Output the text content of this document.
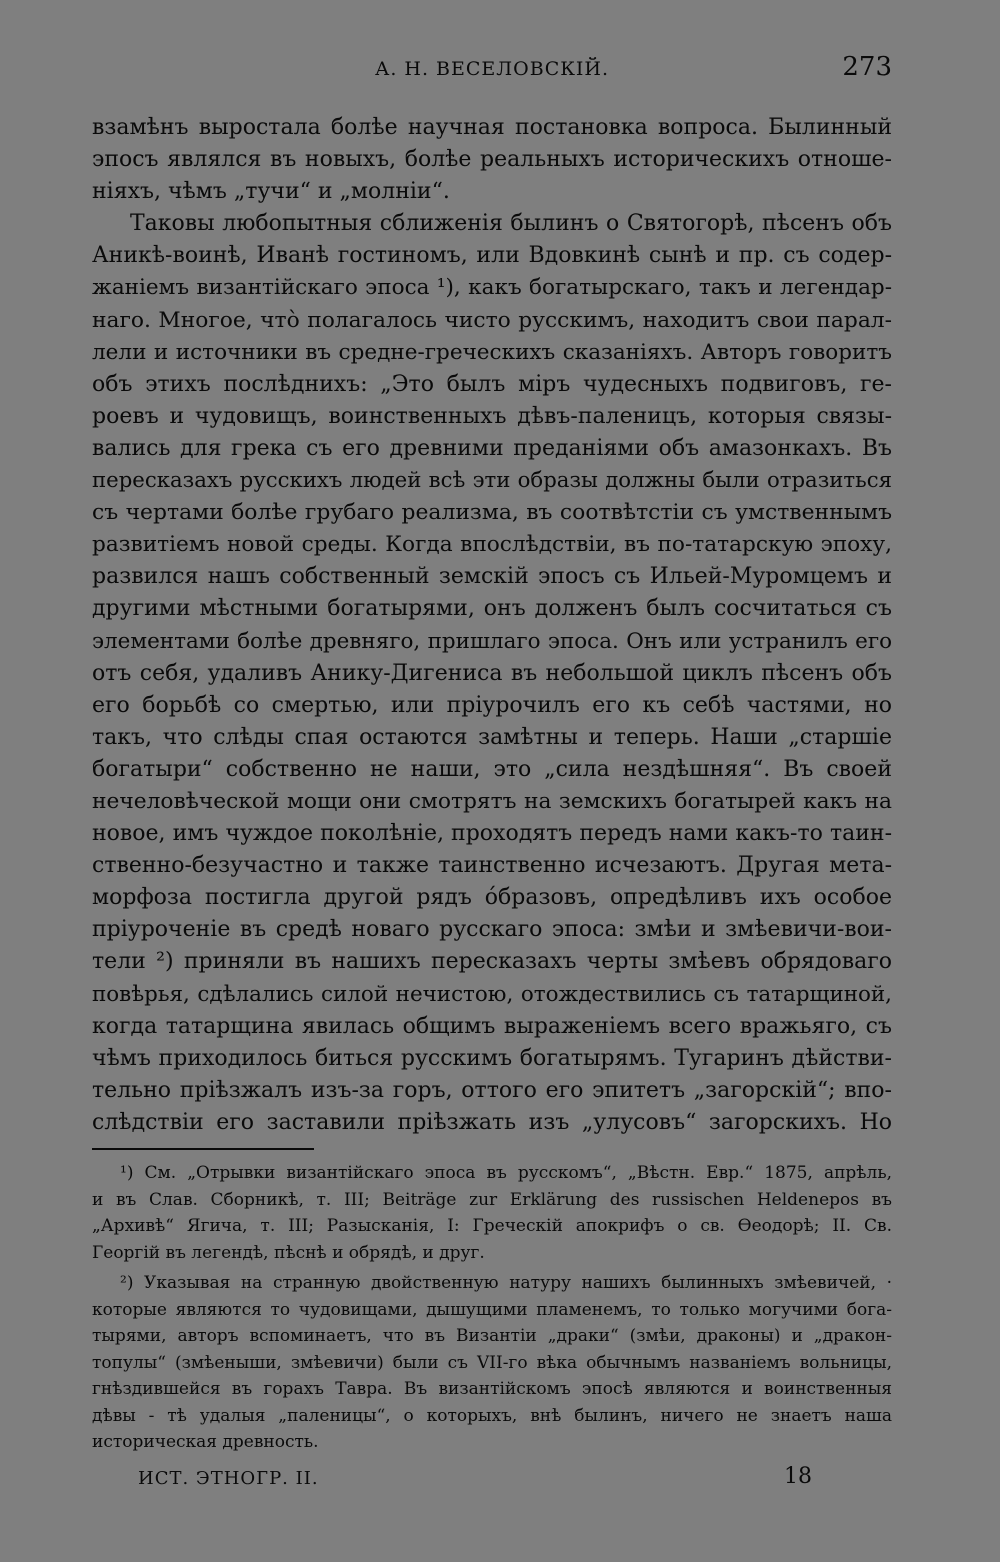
А. Н. ВЕСЕЛОВСКІЙ.	273

взамѣнъ выростала болѣе научная постановка вопроса. Былинный
эпосъ являлся въ новыхъ, болѣе реальныхъ историческихъ отноше-
ніяхъ, чѣмъ „тучи“ и „молніи“.

Таковы любопытныя сближенія былинъ о Святогорѣ, пѣсенъ объ
Аникѣ-воинѣ, Иванѣ гостиномъ, или Вдовкинѣ сынѣ и пр. съ содер-
жаніемъ византійскаго эпоса ¹), какъ богатырскаго, такъ и легендар-
наго. Многое, что̀ полагалось чисто русскимъ, находитъ свои парал-
лели и источники въ средне-греческихъ сказаніяхъ. Авторъ говоритъ
объ этихъ послѣднихъ: „Это былъ міръ чудесныхъ подвиговъ, ге-
роевъ и чудовищъ, воинственныхъ дѣвъ-паленицъ, которыя связы-
вались для грека съ его древними преданіями объ амазонкахъ. Въ
пересказахъ русскихъ людей всѣ эти образы должны были отразиться
съ чертами болѣе грубаго реализма, въ соотвѣтстіи съ умственнымъ
развитіемъ новой среды. Когда впослѣдствіи, въ по-татарскую эпоху,
развился нашъ собственный земскій эпосъ съ Ильей-Муромцемъ и
другими мѣстными богатырями, онъ долженъ былъ сосчитаться съ
элементами болѣе древняго, пришлаго эпоса. Онъ или устранилъ его
отъ себя, удаливъ Анику-Дигениса въ небольшой циклъ пѣсенъ объ
его борьбѣ со смертью, или пріурочилъ его къ себѣ частями, но
такъ, что слѣды спая остаются замѣтны и теперь. Наши „старшіе
богатыри“ собственно не наши, это „сила нездѣшняя“. Въ своей
нечеловѣческой мощи они смотрятъ на земскихъ богатырей какъ на
новое, имъ чуждое поколѣніе, проходятъ передъ нами какъ-то таин-
ственно-безучастно и также таинственно исчезаютъ. Другая мета-
морфоза постигла другой рядъ о́бразовъ, опредѣливъ ихъ особое
пріуроченіе въ средѣ новаго русскаго эпоса: змѣи и змѣевичи-вои-
тели ²) приняли въ нашихъ пересказахъ черты змѣевъ обрядоваго
повѣрья, сдѣлались силой нечистою, отождествились съ татарщиной,
когда татарщина явилась общимъ выраженіемъ всего вражьяго, съ
чѣмъ приходилось биться русскимъ богатырямъ. Тугаринъ дѣйстви-
тельно пріѣзжалъ изъ-за горъ, оттого его эпитетъ „загорскій“; впо-
слѣдствіи его заставили пріѣзжать изъ „улусовъ“ загорскихъ. Но

¹) См. „Отрывки византійскаго эпоса въ русскомъ“, „Вѣстн. Евр.“ 1875, апрѣль,
и въ Слав. Сборникѣ, т. III; Beiträge zur Erklärung des russischen Heldenepos въ
„Архивѣ“ Ягича, т. III; Разысканія, I: Греческій апокрифъ о св. Ѳеодорѣ; II. Св.
Георгій въ легендѣ, пѣснѣ и обрядѣ, и друг.
²) Указывая на странную двойственную натуру нашихъ былинныхъ змѣевичей, ·
которые являются то чудовищами, дышущими пламенемъ, то только могучими бога-
тырями, авторъ вспоминаетъ, что въ Византіи „драки“ (змѣи, драконы) и „дракон-
топулы“ (змѣеныши, змѣевичи) были съ VII-го вѣка обычнымъ названіемъ вольницы,
гнѣздившейся въ горахъ Тавра. Въ византійскомъ эпосѣ являются и воинственныя
дѣвы - тѣ удалыя „паленицы“, о которыхъ, внѣ былинъ, ничего не знаетъ наша
историческая древность.
ИСТ. ЭТНОГР. II.	18
